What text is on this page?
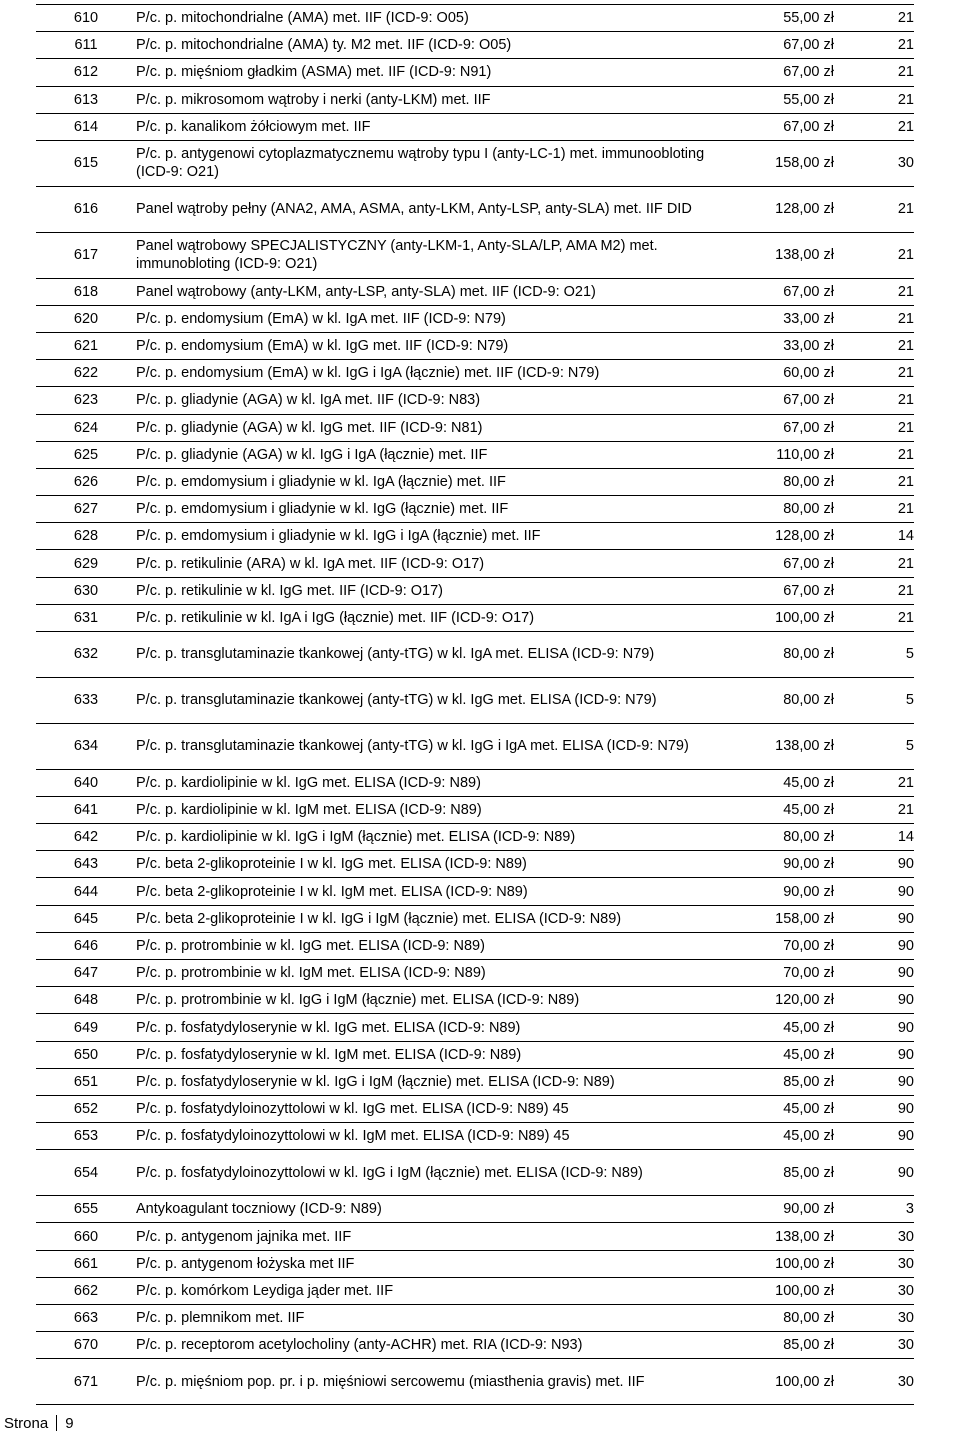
610	P/c. p. mitochondrialne (AMA) met. IIF (ICD-9: O05)	55,00 zł	21
611	P/c. p. mitochondrialne (AMA) ty. M2 met. IIF (ICD-9: O05)	67,00 zł	21
612	P/c. p. mięśniom gładkim (ASMA) met. IIF (ICD-9: N91)	67,00 zł	21
613	P/c. p. mikrosomom wątroby i nerki (anty-LKM) met. IIF	55,00 zł	21
614	P/c. p. kanalikom żółciowym met. IIF	67,00 zł	21
615	P/c. p. antygenowi cytoplazmatycznemu wątroby typu I (anty-LC-1) met. immunoobloting (ICD-9: O21)	158,00 zł	30
616	Panel wątroby pełny (ANA2, AMA, ASMA, anty-LKM, Anty-LSP, anty-SLA) met. IIF DID	128,00 zł	21
617	Panel wątrobowy SPECJALISTYCZNY (anty-LKM-1, Anty-SLA/LP, AMA M2) met. immunobloting (ICD-9: O21)	138,00 zł	21
618	Panel wątrobowy (anty-LKM, anty-LSP, anty-SLA) met. IIF (ICD-9: O21)	67,00 zł	21
620	P/c. p. endomysium (EmA) w kl. IgA met. IIF (ICD-9: N79)	33,00 zł	21
621	P/c. p. endomysium (EmA) w kl. IgG met. IIF (ICD-9: N79)	33,00 zł	21
622	P/c. p. endomysium (EmA) w kl. IgG i IgA (łącznie) met. IIF (ICD-9: N79)	60,00 zł	21
623	P/c. p. gliadynie (AGA) w kl. IgA met. IIF (ICD-9: N83)	67,00 zł	21
624	P/c. p. gliadynie (AGA) w kl. IgG met. IIF (ICD-9: N81)	67,00 zł	21
625	P/c. p. gliadynie (AGA) w kl. IgG i IgA (łącznie) met. IIF	110,00 zł	21
626	P/c. p. emdomysium i gliadynie w kl. IgA (łącznie) met. IIF	80,00 zł	21
627	P/c. p. emdomysium i gliadynie w kl. IgG (łącznie) met. IIF	80,00 zł	21
628	P/c. p. emdomysium i gliadynie w kl. IgG i IgA (łącznie) met. IIF	128,00 zł	14
629	P/c. p. retikulinie (ARA) w kl. IgA met. IIF (ICD-9: O17)	67,00 zł	21
630	P/c. p. retikulinie w kl. IgG met. IIF (ICD-9: O17)	67,00 zł	21
631	P/c. p. retikulinie w kl. IgA i IgG (łącznie) met. IIF (ICD-9: O17)	100,00 zł	21
632	P/c. p. transglutaminazie tkankowej (anty-tTG) w kl. IgA met. ELISA (ICD-9: N79)	80,00 zł	5
633	P/c. p. transglutaminazie tkankowej (anty-tTG) w kl. IgG met. ELISA (ICD-9: N79)	80,00 zł	5
634	P/c. p. transglutaminazie tkankowej (anty-tTG) w kl. IgG i IgA met. ELISA (ICD-9: N79)	138,00 zł	5
640	P/c. p. kardiolipinie w kl. IgG met. ELISA (ICD-9: N89)	45,00 zł	21
641	P/c. p. kardiolipinie w kl. IgM met. ELISA (ICD-9: N89)	45,00 zł	21
642	P/c. p. kardiolipinie w kl. IgG i IgM (łącznie) met. ELISA (ICD-9: N89)	80,00 zł	14
643	P/c. beta 2-glikoproteinie I w kl. IgG met. ELISA (ICD-9: N89)	90,00 zł	90
644	P/c. beta 2-glikoproteinie I w kl. IgM met. ELISA (ICD-9: N89)	90,00 zł	90
645	P/c. beta 2-glikoproteinie I w kl. IgG i IgM (łącznie) met. ELISA (ICD-9: N89)	158,00 zł	90
646	P/c. p. protrombinie w kl. IgG met. ELISA (ICD-9: N89)	70,00 zł	90
647	P/c. p. protrombinie w kl. IgM met. ELISA (ICD-9: N89)	70,00 zł	90
648	P/c. p. protrombinie w kl. IgG i IgM (łącznie) met. ELISA (ICD-9: N89)	120,00 zł	90
649	P/c. p. fosfatydyloserynie w kl. IgG met. ELISA (ICD-9: N89)	45,00 zł	90
650	P/c. p. fosfatydyloserynie w kl. IgM met. ELISA (ICD-9: N89)	45,00 zł	90
651	P/c. p. fosfatydyloserynie w kl. IgG i IgM (łącznie) met. ELISA (ICD-9: N89)	85,00 zł	90
652	P/c. p. fosfatydyloinozyttolowi w kl. IgG met. ELISA (ICD-9: N89) 45	45,00 zł	90
653	P/c. p. fosfatydyloinozyttolowi w kl. IgM met. ELISA (ICD-9: N89) 45	45,00 zł	90
654	P/c. p. fosfatydyloinozyttolowi w kl. IgG i IgM (łącznie) met. ELISA (ICD-9: N89)	85,00 zł	90
655	Antykoagulant toczniowy (ICD-9: N89)	90,00 zł	3
660	P/c. p. antygenom jajnika met. IIF	138,00 zł	30
661	P/c. p. antygenom łożyska met IIF	100,00 zł	30
662	P/c. p. komórkom Leydiga jąder met. IIF	100,00 zł	30
663	P/c. p. plemnikom met. IIF	80,00 zł	30
670	P/c. p. receptorom acetylocholiny (anty-ACHR) met. RIA (ICD-9: N93)	85,00 zł	30
671	P/c. p. mięśniom pop. pr. i p. mięśniowi sercowemu (miasthenia gravis) met. IIF	100,00 zł	30
Strona 9
